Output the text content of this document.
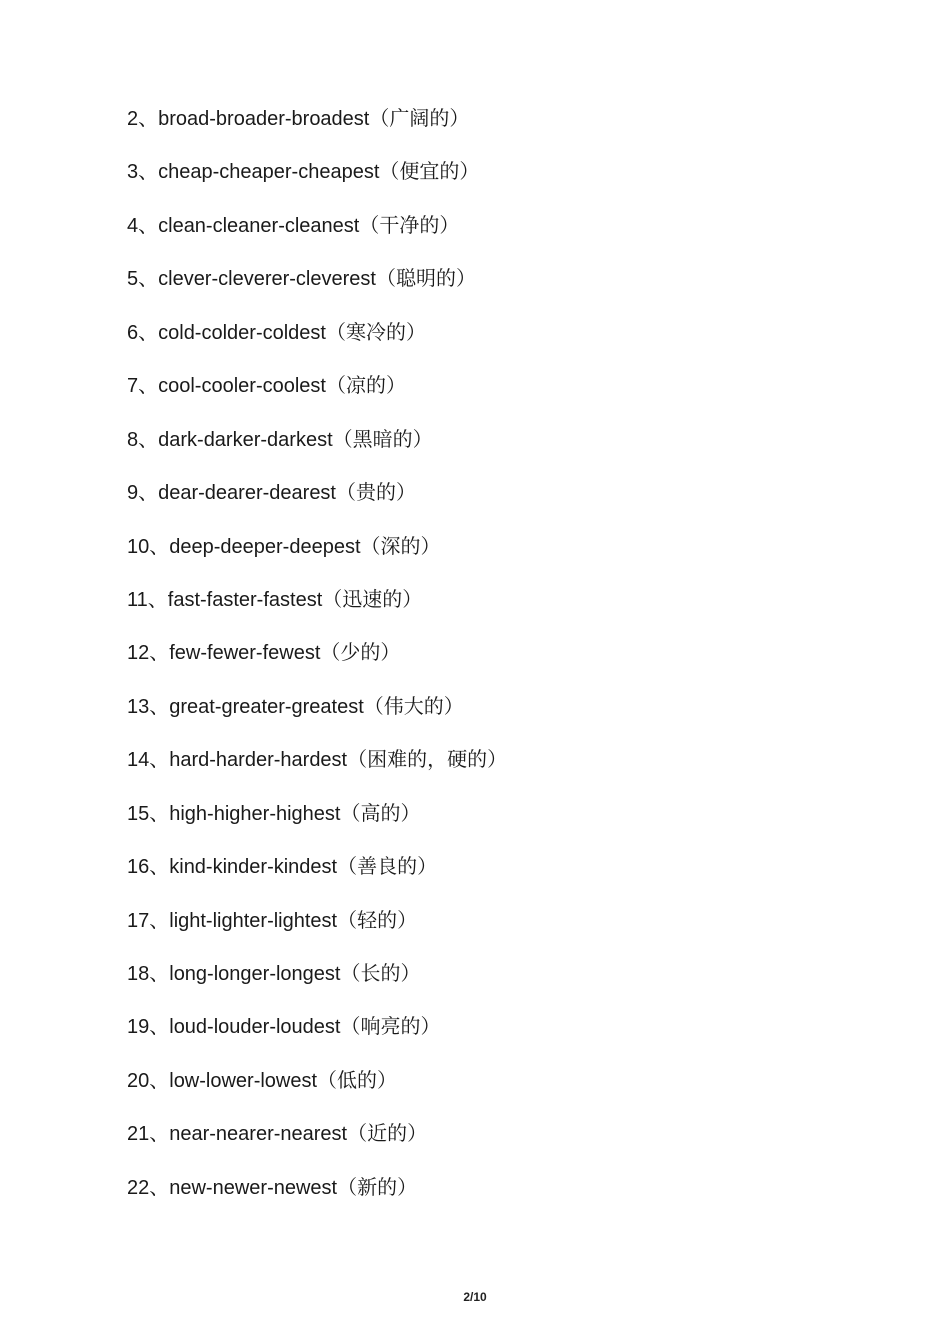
2、broad-broader-broadest（广阔的）
3、cheap-cheaper-cheapest（便宜的）
4、clean-cleaner-cleanest（干净的）
5、clever-cleverer-cleverest（聪明的）
6、cold-colder-coldest（寒冷的）
7、cool-cooler-coolest（凉的）
8、dark-darker-darkest（黑暗的）
9、dear-dearer-dearest（贵的）
10、deep-deeper-deepest（深的）
11、fast-faster-fastest（迅速的）
12、few-fewer-fewest（少的）
13、great-greater-greatest（伟大的）
14、hard-harder-hardest（困难的，硬的）
15、high-higher-highest（高的）
16、kind-kinder-kindest（善良的）
17、light-lighter-lightest（轻的）
18、long-longer-longest（长的）
19、loud-louder-loudest（响亮的）
20、low-lower-lowest（低的）
21、near-nearer-nearest（近的）
22、new-newer-newest（新的）
2/10
